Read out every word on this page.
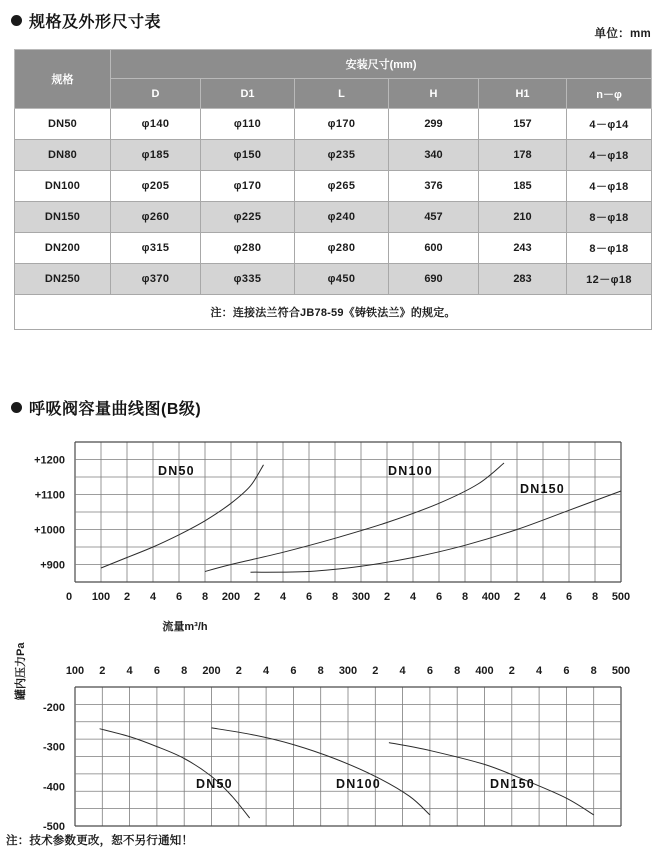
规格及外形尺寸表
单位：mm
规格	安装尺寸(mm)					
	D	D1	L	H	H1	n－φ
DN50	φ140	φ110	φ170	299	157	4－φ14
DN80	φ185	φ150	φ235	340	178	4－φ18
DN100	φ205	φ170	φ265	376	185	4－φ18
DN150	φ260	φ225	φ240	457	210	8－φ18
DN200	φ315	φ280	φ280	600	243	8－φ18
DN250	φ370	φ335	φ450	690	283	12－φ18
注：连接法兰符合JB78-59《铸铁法兰》的规定。						
呼吸阀容量曲线图(B级)
+900
+1000
+1100
+1200
0 100 2 4 6 8 200 2 4 6 8 300 2 4 6 8 400 2 4 6 8 500
0
DN50	DN100
DN150
流量m³/h
罐内压力Pa	100 2 4 6 8 200 2 4 6 8 300 2 4 6 8 400 2 4 6 8 500
-200
-300
-400
-500
DN50	DN100	DN150
注：技术参数更改，恕不另行通知！
